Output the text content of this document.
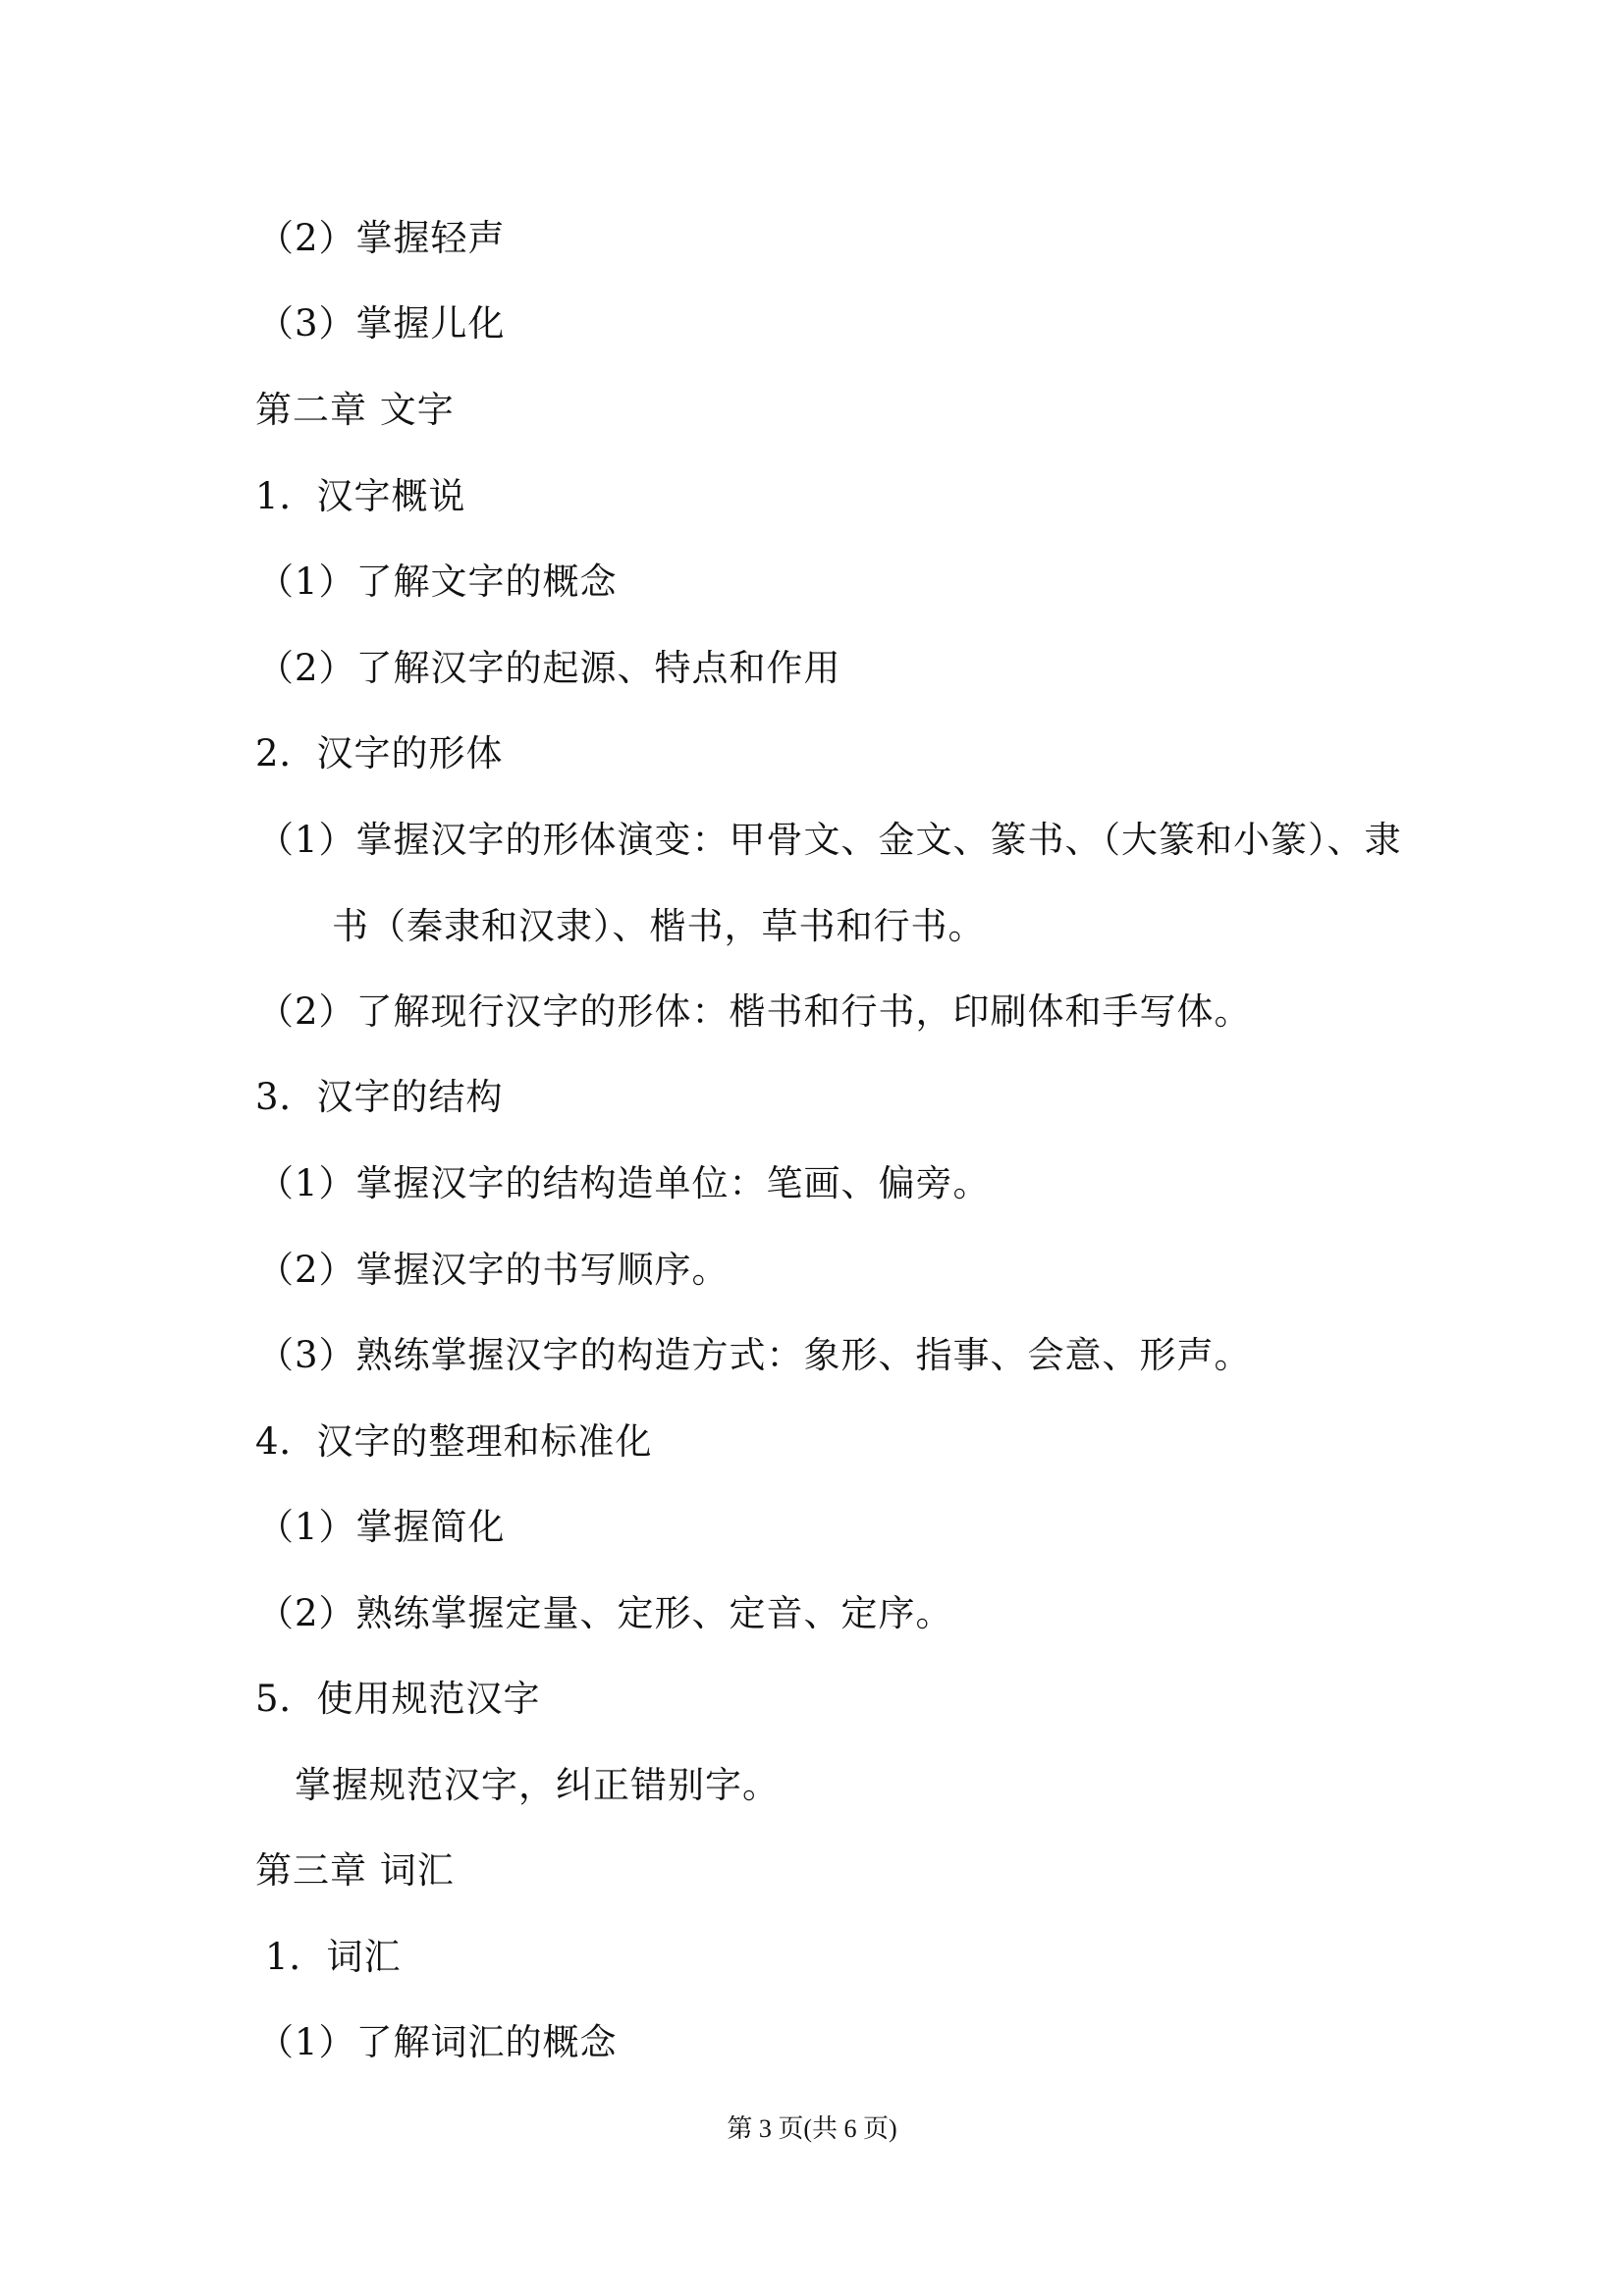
（2）掌握轻声
（3）掌握儿化
第二章 文字
1．汉字概说
（1）了解文字的概念
（2）了解汉字的起源、特点和作用
2．汉字的形体
（1）掌握汉字的形体演变：甲骨文、金文、篆书、（大篆和小篆）、隶
书（秦隶和汉隶）、楷书，草书和行书。
（2）了解现行汉字的形体：楷书和行书，印刷体和手写体。
3．汉字的结构
（1）掌握汉字的结构造单位：笔画、偏旁。
（2）掌握汉字的书写顺序。
（3）熟练掌握汉字的构造方式：象形、指事、会意、形声。
4．汉字的整理和标准化
（1）掌握简化
（2）熟练掌握定量、定形、定音、定序。
5．使用规范汉字
掌握规范汉字，纠正错别字。
第三章 词汇
1．词汇
（1）了解词汇的概念
第 3 页(共 6 页)
